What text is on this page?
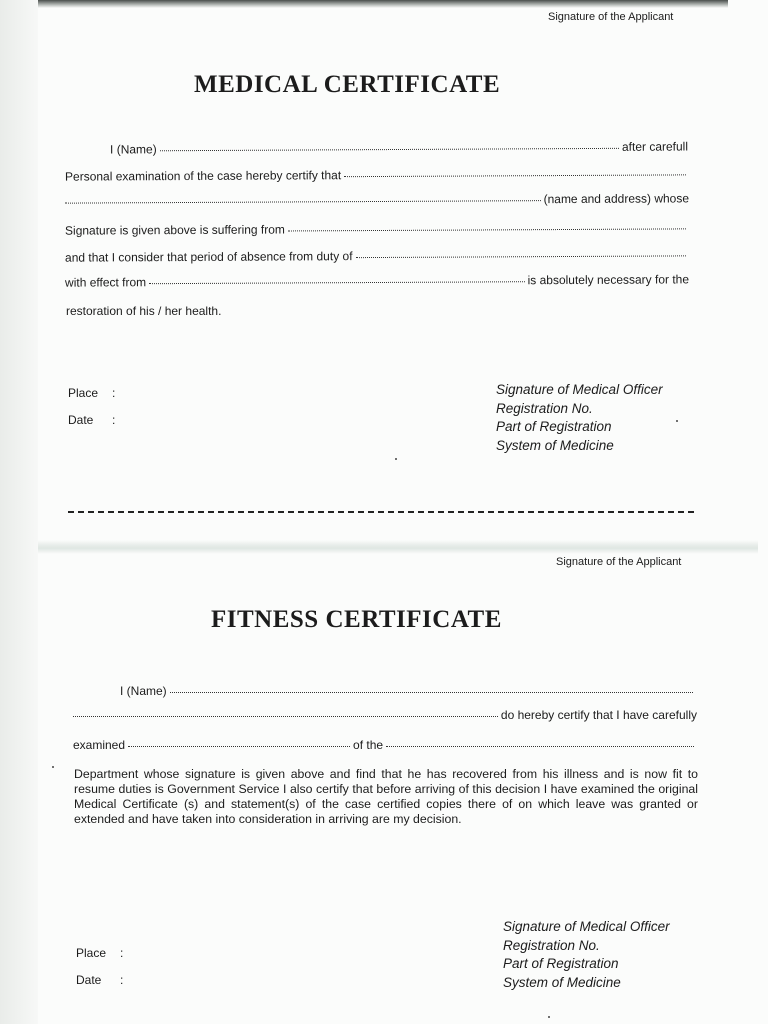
Signature of the Applicant
MEDICAL CERTIFICATE
I (Name)	after carefull
Personal examination of the case hereby certify that
(name and address) whose
Signature is given above is suffering from
and that I consider that period of absence from duty of
with effect from	is absolutely necessary for the
restoration of his / her health.
Place	:
Date	:
Signature of Medical Officer
Registration No.
Part of Registration
System of Medicine
Signature of the Applicant
FITNESS CERTIFICATE
I (Name)
do hereby certify that I have carefully
examined	of the
Department whose signature is given above and find that he has recovered from his illness and is now fit to resume duties is Government Service I also certify that before arriving of this decision I have examined the original Medical Certificate (s) and statement(s) of the case certified copies there of on which leave was granted or extended and have taken into consideration in arriving are my decision.
Place	:
Date	:
Signature of Medical Officer
Registration No.
Part of Registration
System of Medicine
